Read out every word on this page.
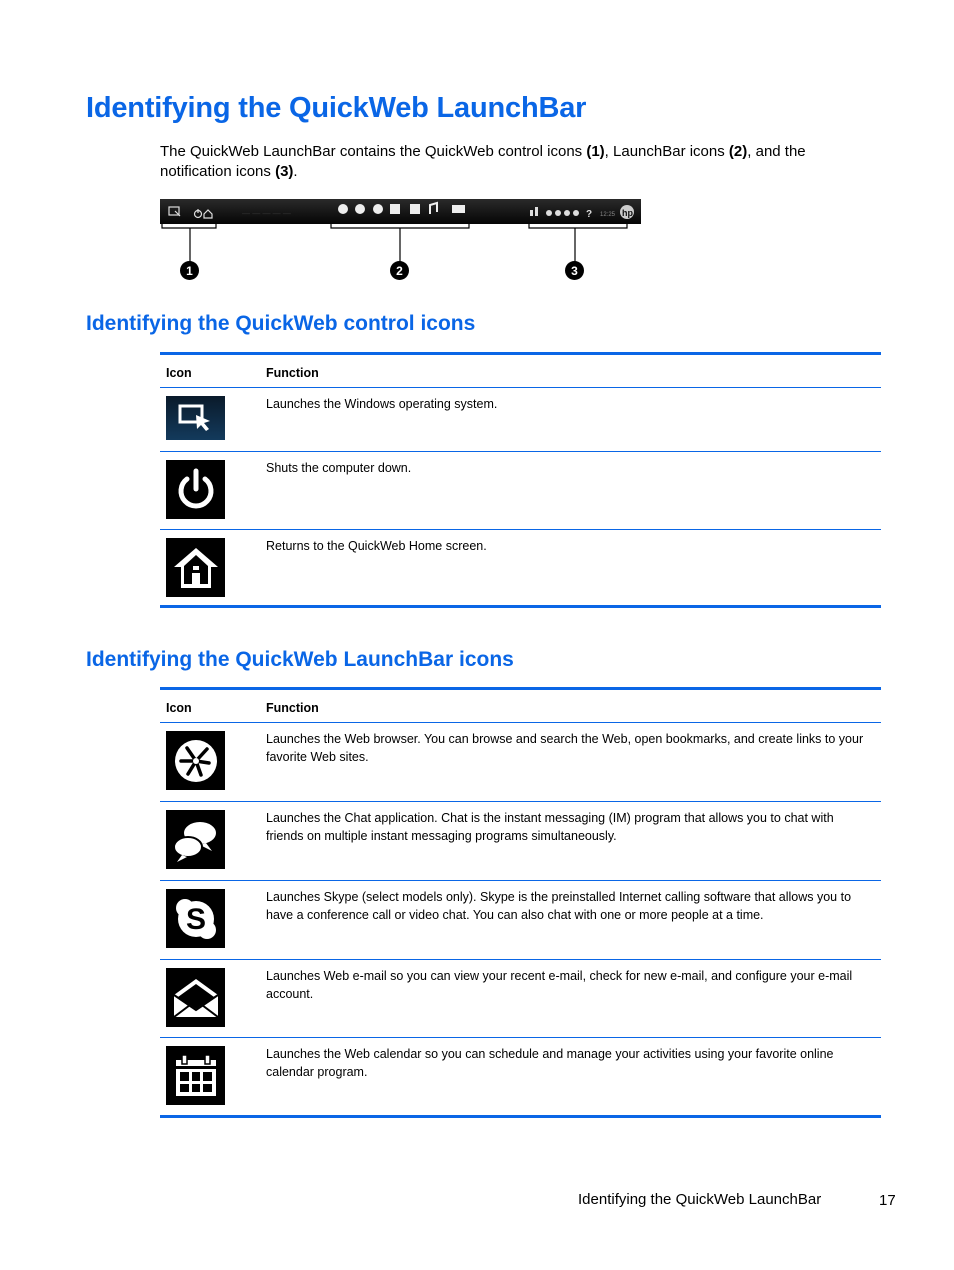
Identifying the QuickWeb LaunchBar

The QuickWeb LaunchBar contains the QuickWeb control icons (1), LaunchBar icons (2), and the notification icons (3).

— — — — —	?	hp
12:25
1	2	3
Identifying the QuickWeb control icons
Icon	Function
Launches the Windows operating system.
Shuts the computer down.
Returns to the QuickWeb Home screen.
Identifying the QuickWeb LaunchBar icons
Icon	Function
Launches the Web browser. You can browse and search the Web, open bookmarks, and create links to your favorite Web sites.
Launches the Chat application. Chat is the instant messaging (IM) program that allows you to chat with friends on multiple instant messaging programs simultaneously.
S
Launches Skype (select models only). Skype is the preinstalled Internet calling software that allows you to have a conference call or video chat. You can also chat with one or more people at a time.
Launches Web e-mail so you can view your recent e-mail, check for new e-mail, and configure your e-mail account.
Launches the Web calendar so you can schedule and manage your activities using your favorite online calendar program.
Identifying the QuickWeb LaunchBar	17
